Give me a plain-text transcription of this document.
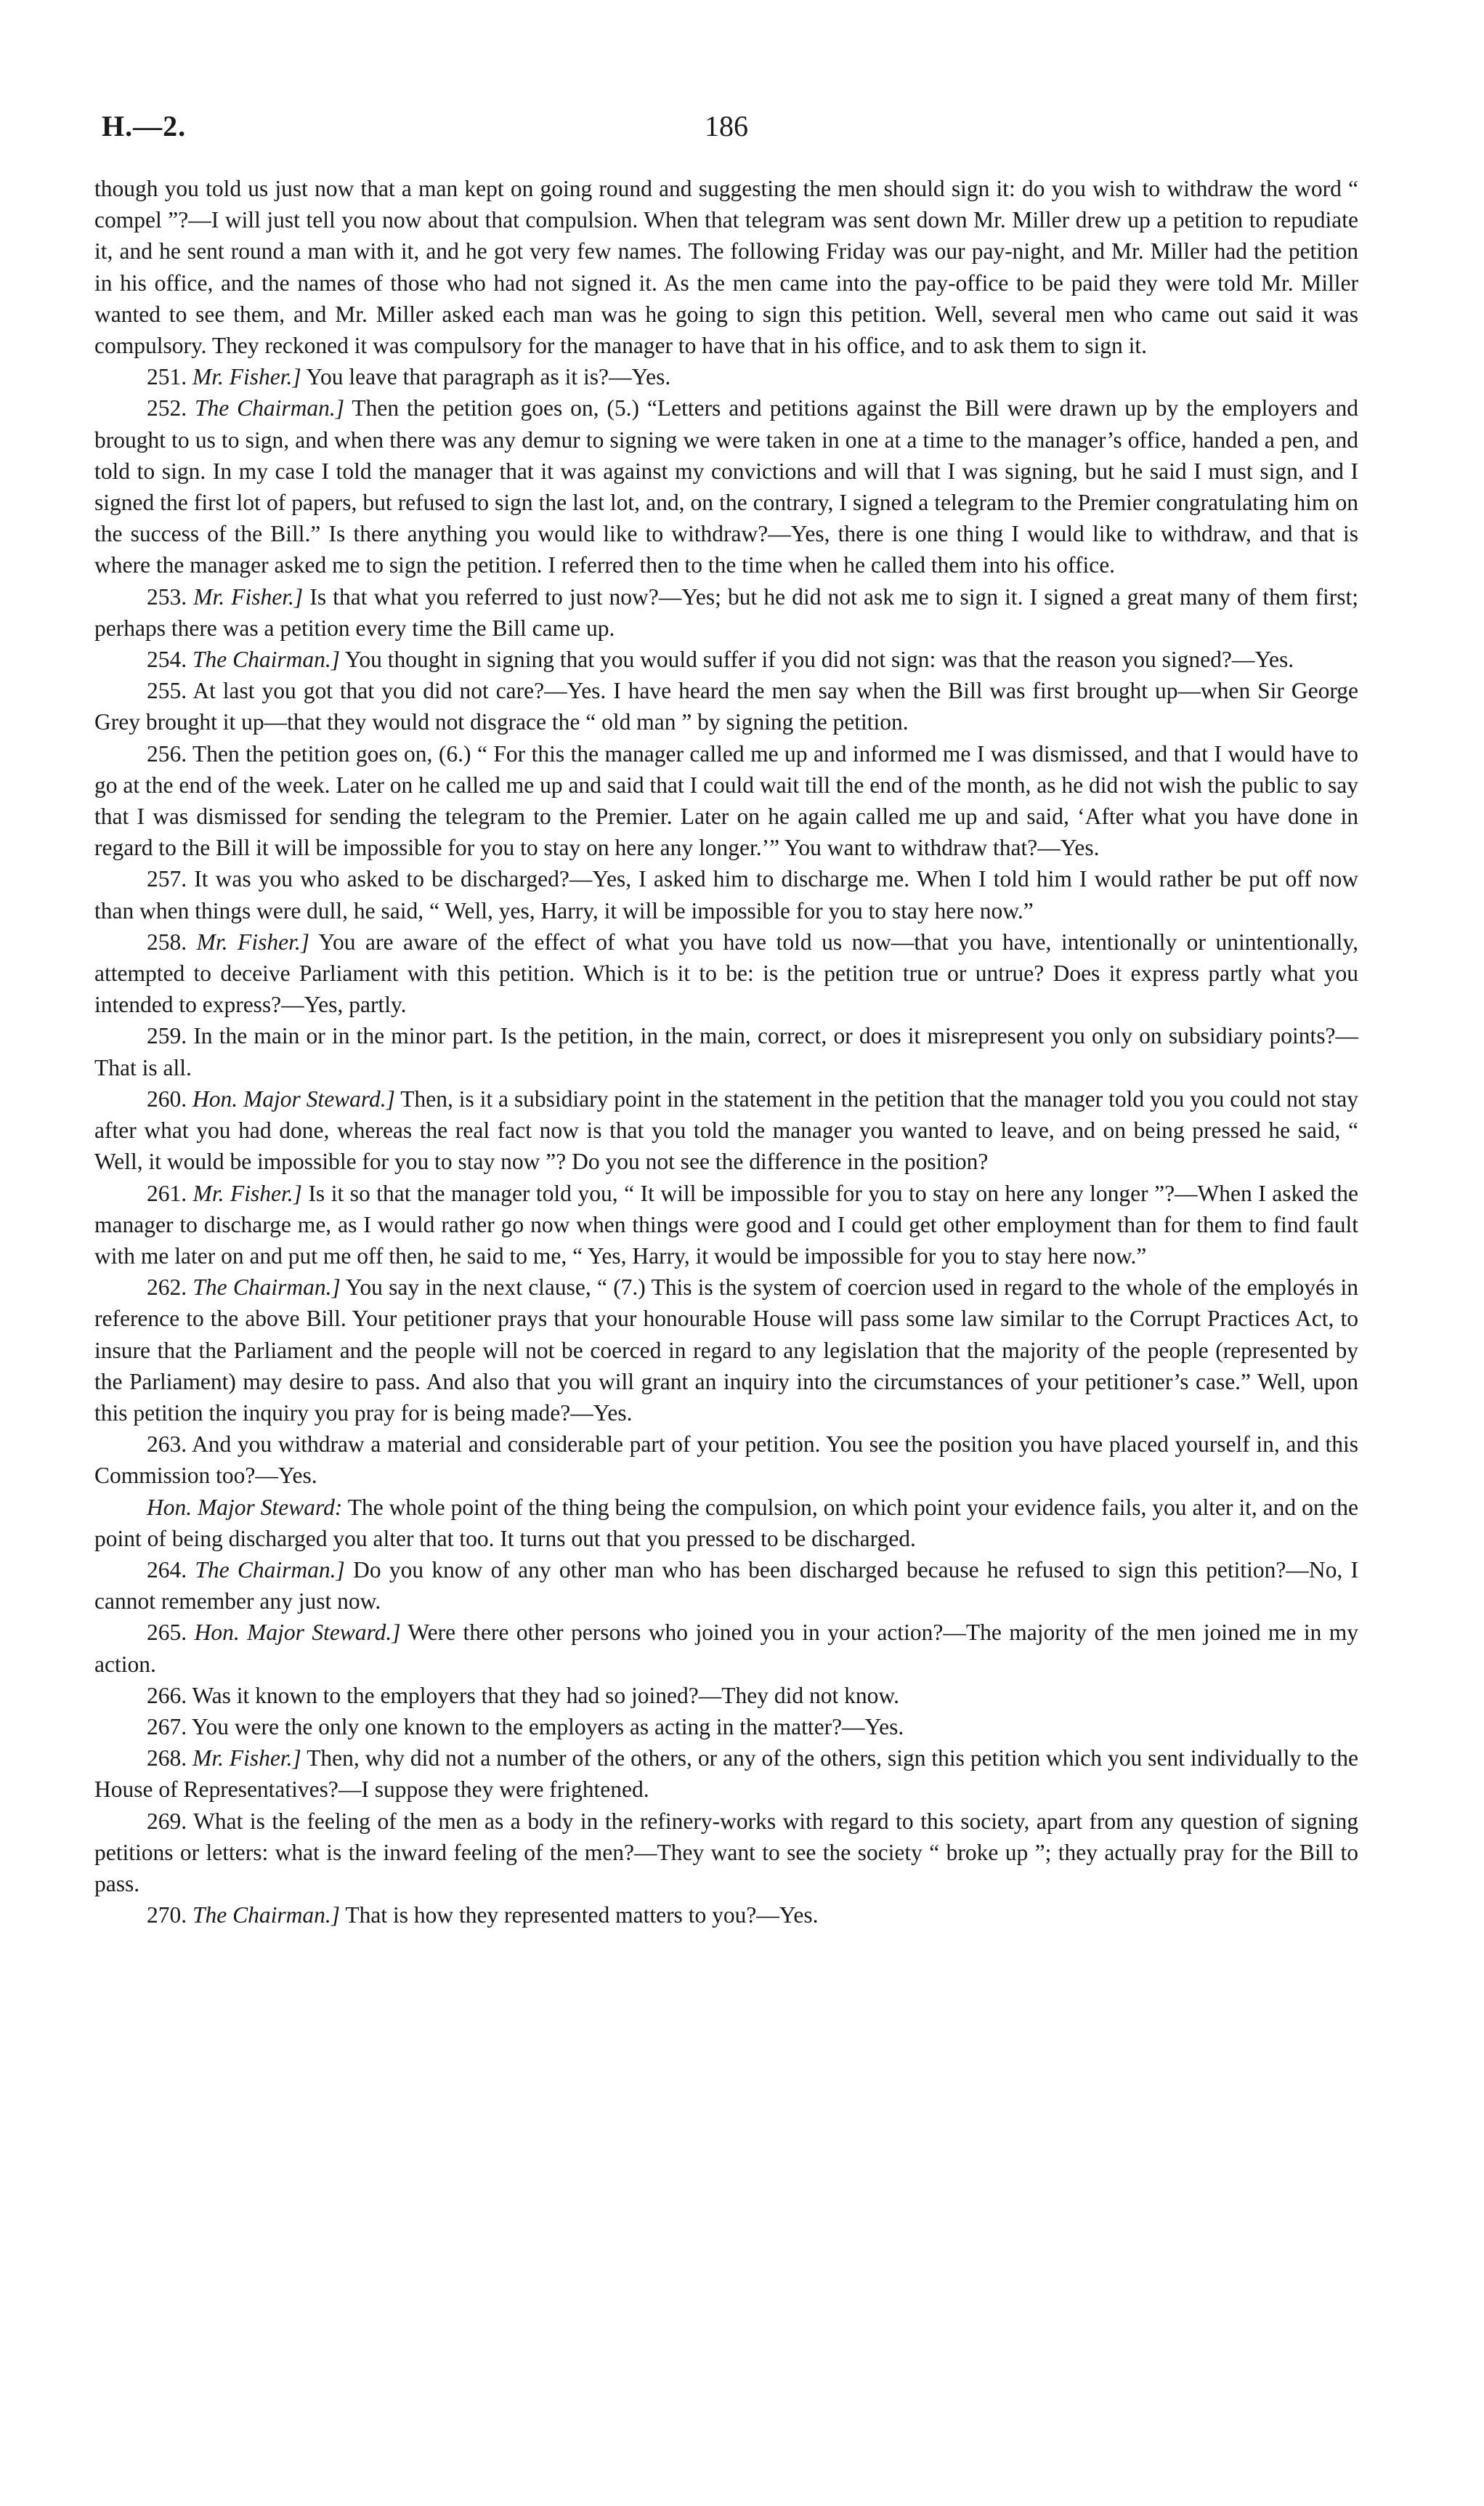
H.—2.	186

though you told us just now that a man kept on going round and suggesting the men should sign it: do you wish to withdraw the word “ compel ”?—I will just tell you now about that compulsion. When that telegram was sent down Mr. Miller drew up a petition to repudiate it, and he sent round a man with it, and he got very few names. The following Friday was our pay-night, and Mr. Miller had the petition in his office, and the names of those who had not signed it. As the men came into the pay-office to be paid they were told Mr. Miller wanted to see them, and Mr. Miller asked each man was he going to sign this petition. Well, several men who came out said it was compulsory. They reckoned it was compulsory for the manager to have that in his office, and to ask them to sign it.

251. Mr. Fisher.] You leave that paragraph as it is?—Yes.

252. The Chairman.] Then the petition goes on, (5.) “Letters and petitions against the Bill were drawn up by the employers and brought to us to sign, and when there was any demur to signing we were taken in one at a time to the manager’s office, handed a pen, and told to sign. In my case I told the manager that it was against my convictions and will that I was signing, but he said I must sign, and I signed the first lot of papers, but refused to sign the last lot, and, on the contrary, I signed a telegram to the Premier congratulating him on the success of the Bill.” Is there anything you would like to withdraw?—Yes, there is one thing I would like to withdraw, and that is where the manager asked me to sign the petition. I referred then to the time when he called them into his office.

253. Mr. Fisher.] Is that what you referred to just now?—Yes; but he did not ask me to sign it. I signed a great many of them first; perhaps there was a petition every time the Bill came up.

254. The Chairman.] You thought in signing that you would suffer if you did not sign: was that the reason you signed?—Yes.

255. At last you got that you did not care?—Yes. I have heard the men say when the Bill was first brought up—when Sir George Grey brought it up—that they would not disgrace the “ old man ” by signing the petition.

256. Then the petition goes on, (6.) “ For this the manager called me up and informed me I was dismissed, and that I would have to go at the end of the week. Later on he called me up and said that I could wait till the end of the month, as he did not wish the public to say that I was dismissed for sending the telegram to the Premier. Later on he again called me up and said, ‘After what you have done in regard to the Bill it will be impossible for you to stay on here any longer.’” You want to withdraw that?—Yes.

257. It was you who asked to be discharged?—Yes, I asked him to discharge me. When I told him I would rather be put off now than when things were dull, he said, “ Well, yes, Harry, it will be impossible for you to stay here now.”

258. Mr. Fisher.] You are aware of the effect of what you have told us now—that you have, intentionally or unintentionally, attempted to deceive Parliament with this petition. Which is it to be: is the petition true or untrue? Does it express partly what you intended to express?—Yes, partly.

259. In the main or in the minor part. Is the petition, in the main, correct, or does it misrepresent you only on subsidiary points?—That is all.

260. Hon. Major Steward.] Then, is it a subsidiary point in the statement in the petition that the manager told you you could not stay after what you had done, whereas the real fact now is that you told the manager you wanted to leave, and on being pressed he said, “ Well, it would be impossible for you to stay now ”? Do you not see the difference in the position?

261. Mr. Fisher.] Is it so that the manager told you, “ It will be impossible for you to stay on here any longer ”?—When I asked the manager to discharge me, as I would rather go now when things were good and I could get other employment than for them to find fault with me later on and put me off then, he said to me, “ Yes, Harry, it would be impossible for you to stay here now.”

262. The Chairman.] You say in the next clause, “ (7.) This is the system of coercion used in regard to the whole of the employés in reference to the above Bill. Your petitioner prays that your honourable House will pass some law similar to the Corrupt Practices Act, to insure that the Parliament and the people will not be coerced in regard to any legislation that the majority of the people (represented by the Parliament) may desire to pass. And also that you will grant an inquiry into the circumstances of your petitioner’s case.” Well, upon this petition the inquiry you pray for is being made?—Yes.

263. And you withdraw a material and considerable part of your petition. You see the position you have placed yourself in, and this Commission too?—Yes.

Hon. Major Steward: The whole point of the thing being the compulsion, on which point your evidence fails, you alter it, and on the point of being discharged you alter that too. It turns out that you pressed to be discharged.

264. The Chairman.] Do you know of any other man who has been discharged because he refused to sign this petition?—No, I cannot remember any just now.

265. Hon. Major Steward.] Were there other persons who joined you in your action?—The majority of the men joined me in my action.

266. Was it known to the employers that they had so joined?—They did not know.

267. You were the only one known to the employers as acting in the matter?—Yes.

268. Mr. Fisher.] Then, why did not a number of the others, or any of the others, sign this petition which you sent individually to the House of Representatives?—I suppose they were frightened.

269. What is the feeling of the men as a body in the refinery-works with regard to this society, apart from any question of signing petitions or letters: what is the inward feeling of the men?—They want to see the society “ broke up ”; they actually pray for the Bill to pass.

270. The Chairman.] That is how they represented matters to you?—Yes.
